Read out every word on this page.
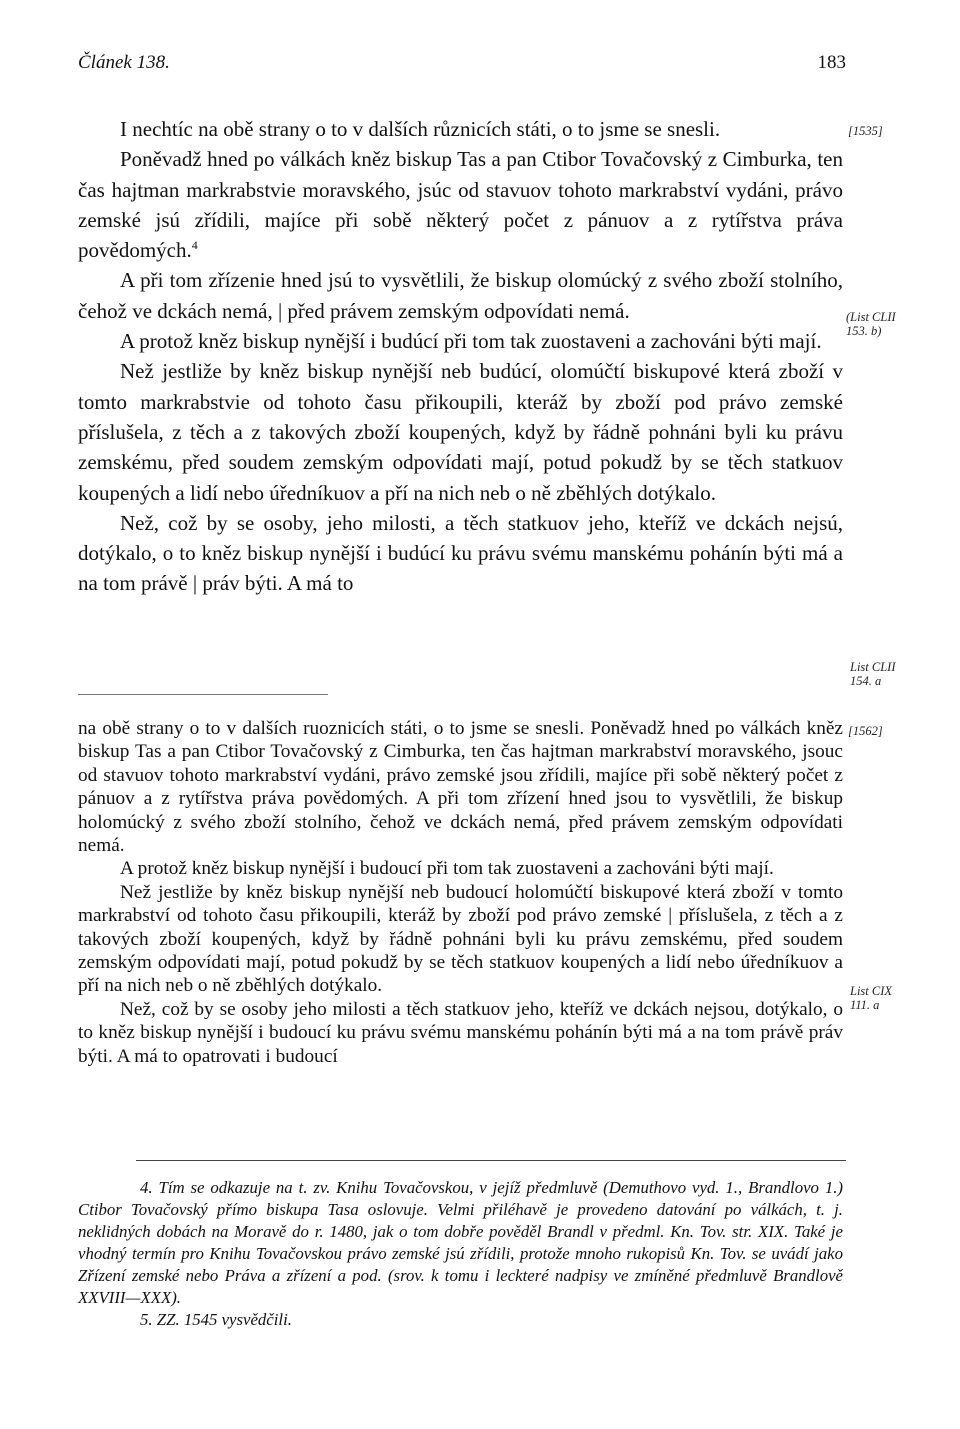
Článek 138.	183

I nechtíc na obě strany o to v dalších různicích státi, o to jsme se snesli.

Poněvadž hned po válkách kněz biskup Tas a pan Ctibor Tovačovský z Cimburka, ten čas hajtman markrabstvie moravského, jsúc od stavuov tohoto markrabství vydáni, právo zemské jsú zřídili, majíce při sobě některý počet z pánuov a z rytířstva práva povědomých.$^4$

A při tom zřízenie hned jsú to vysvětlili, že biskup olomúcký z svého zboží stolního, čehož ve dckách nemá, | před právem zemským odpovídati nemá.

A protož kněz biskup nynější i budúcí při tom tak zuostaveni a zachováni býti mají.

Než jestliže by kněz biskup nynější neb budúcí, olomúčtí biskupové která zboží v tomto markrabstvie od tohoto času přikoupili, kteráž by zboží pod právo zemské příslušela, z těch a z takových zboží koupených, když by řádně pohnáni byli ku právu zemskému, před soudem zemským odpovídati mají, potud pokudž by se těch statkuov koupených a lidí nebo úředníkuov a pří na nich neb o ně zběhlých dotýkalo.

Než, což by se osoby, jeho milosti, a těch statkuov jeho, kteříž ve dckách nejsú, dotýkalo, o to kněz biskup nynější i budúcí ku právu svému manskému pohánín býti má a na tom právě | práv býti. A má to

na obě strany o to v dalších ruoznicích státi, o to jsme se snesli. Poněvadž hned po válkách kněz biskup Tas a pan Ctibor Tovačovský z Cimburka, ten čas hajtman markrabství moravského, jsouc od stavuov tohoto markrabství vydáni, právo zemské jsou zřídili, majíce při sobě některý počet z pánuov a z rytířstva práva povědomých. A při tom zřízení hned jsou to vysvětlili, že biskup holomúcký z svého zboží stolního, čehož ve dckách nemá, před právem zemským odpovídati nemá.

A protož kněz biskup nynější i budoucí při tom tak zuostaveni a zachováni býti mají.

Než jestliže by kněz biskup nynější neb budoucí holomúčtí biskupové která zboží v tomto markrabství od tohoto času přikoupili, kteráž by zboží pod právo zemské | příslušela, z těch a z takových zboží koupených, když by řádně pohnáni byli ku právu zemskému, před soudem zemským odpovídati mají, potud pokudž by se těch statkuov koupených a lidí nebo úředníkuov a pří na nich neb o ně zběhlých dotýkalo.

Než, což by se osoby jeho milosti a těch statkuov jeho, kteříž ve dckách nejsou, dotýkalo, o to kněz biskup nynější i budoucí ku právu svému manskému pohánín býti má a na tom právě práv býti. A má to opatrovati i budoucí

4. Tím se odkazuje na t. zv. Knihu Tovačovskou, v jejíž předmluvě (Demuthovo vyd. 1., Brandlovo 1.) Ctibor Tovačovský přímo biskupa Tasa oslovuje. Velmi přiléhavě je provedeno datování po válkách, t. j. neklidných dobách na Moravě do r. 1480, jak o tom dobře pověděl Brandl v předml. Kn. Tov. str. XIX. Také je vhodný termín pro Knihu Tovačovskou právo zemské jsú zřídili, protože mnoho rukopisů Kn. Tov. se uvádí jako Zřízení zemské nebo Práva a zřízení a pod. (srov. k tomu i leckteré nadpisy ve zmíněné předmluvě Brandlově XXVIII—XXX).

5. ZZ. 1545 vysvědčili.

[1535]
(List CLII 153. b)
List CLII 154. a
[1562]
List CIX 111. a
